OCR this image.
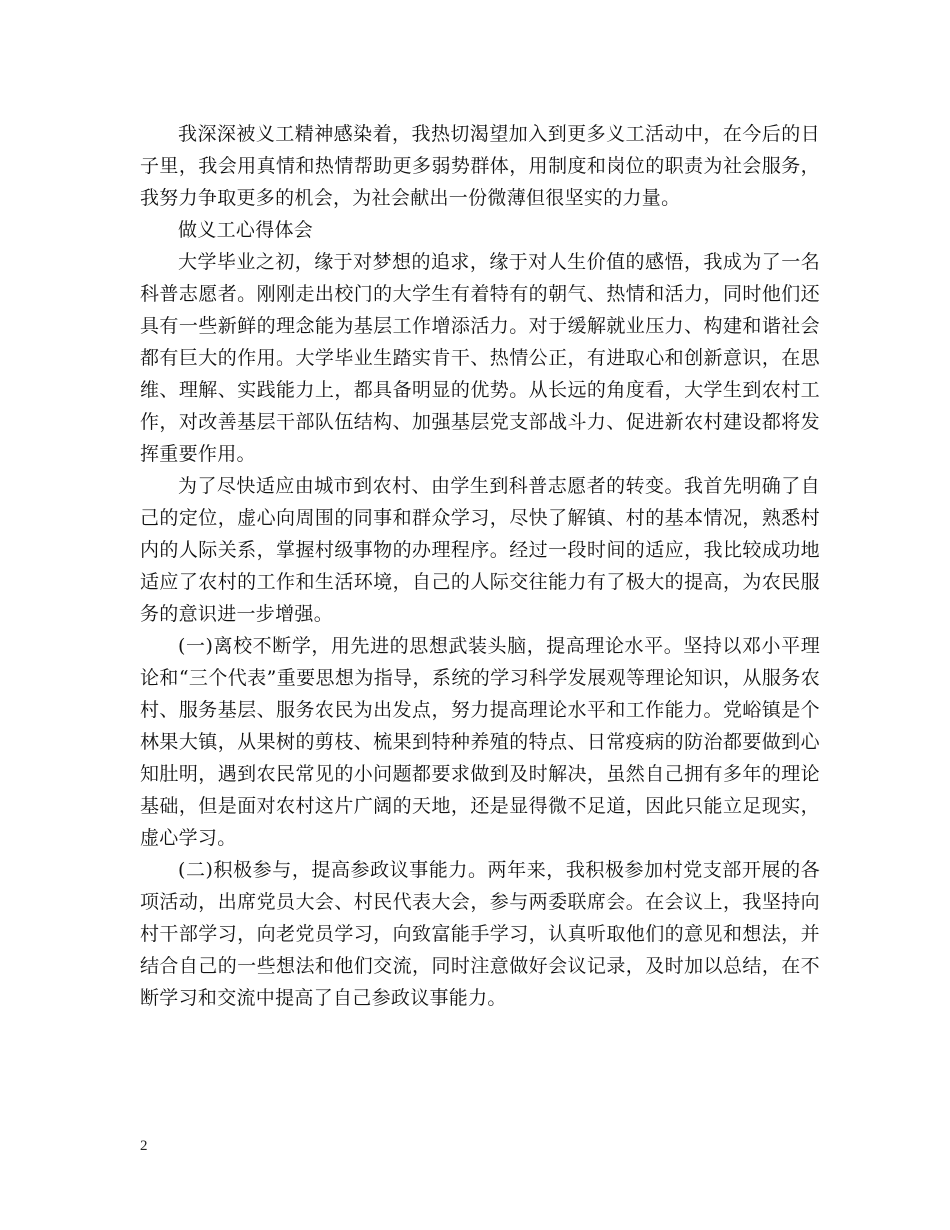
我深深被义工精神感染着，我热切渴望加入到更多义工活动中，在今后的日子里，我会用真情和热情帮助更多弱势群体，用制度和岗位的职责为社会服务，我努力争取更多的机会，为社会献出一份微薄但很坚实的力量。

做义工心得体会

大学毕业之初，缘于对梦想的追求，缘于对人生价值的感悟，我成为了一名科普志愿者。刚刚走出校门的大学生有着特有的朝气、热情和活力，同时他们还具有一些新鲜的理念能为基层工作增添活力。对于缓解就业压力、构建和谐社会都有巨大的作用。大学毕业生踏实肯干、热情公正，有进取心和创新意识，在思维、理解、实践能力上，都具备明显的优势。从长远的角度看，大学生到农村工作，对改善基层干部队伍结构、加强基层党支部战斗力、促进新农村建设都将发挥重要作用。

为了尽快适应由城市到农村、由学生到科普志愿者的转变。我首先明确了自己的定位，虚心向周围的同事和群众学习，尽快了解镇、村的基本情况，熟悉村内的人际关系，掌握村级事物的办理程序。经过一段时间的适应，我比较成功地适应了农村的工作和生活环境，自己的人际交往能力有了极大的提高，为农民服务的意识进一步增强。

(一)离校不断学，用先进的思想武装头脑，提高理论水平。坚持以邓小平理论和“三个代表”重要思想为指导，系统的学习科学发展观等理论知识，从服务农村、服务基层、服务农民为出发点，努力提高理论水平和工作能力。党峪镇是个林果大镇，从果树的剪枝、梳果到特种养殖的特点、日常疫病的防治都要做到心知肚明，遇到农民常见的小问题都要求做到及时解决，虽然自己拥有多年的理论基础，但是面对农村这片广阔的天地，还是显得微不足道，因此只能立足现实，虚心学习。

(二)积极参与，提高参政议事能力。两年来，我积极参加村党支部开展的各项活动，出席党员大会、村民代表大会，参与两委联席会。在会议上，我坚持向村干部学习，向老党员学习，向致富能手学习，认真听取他们的意见和想法，并结合自己的一些想法和他们交流，同时注意做好会议记录，及时加以总结，在不断学习和交流中提高了自己参政议事能力。

2
